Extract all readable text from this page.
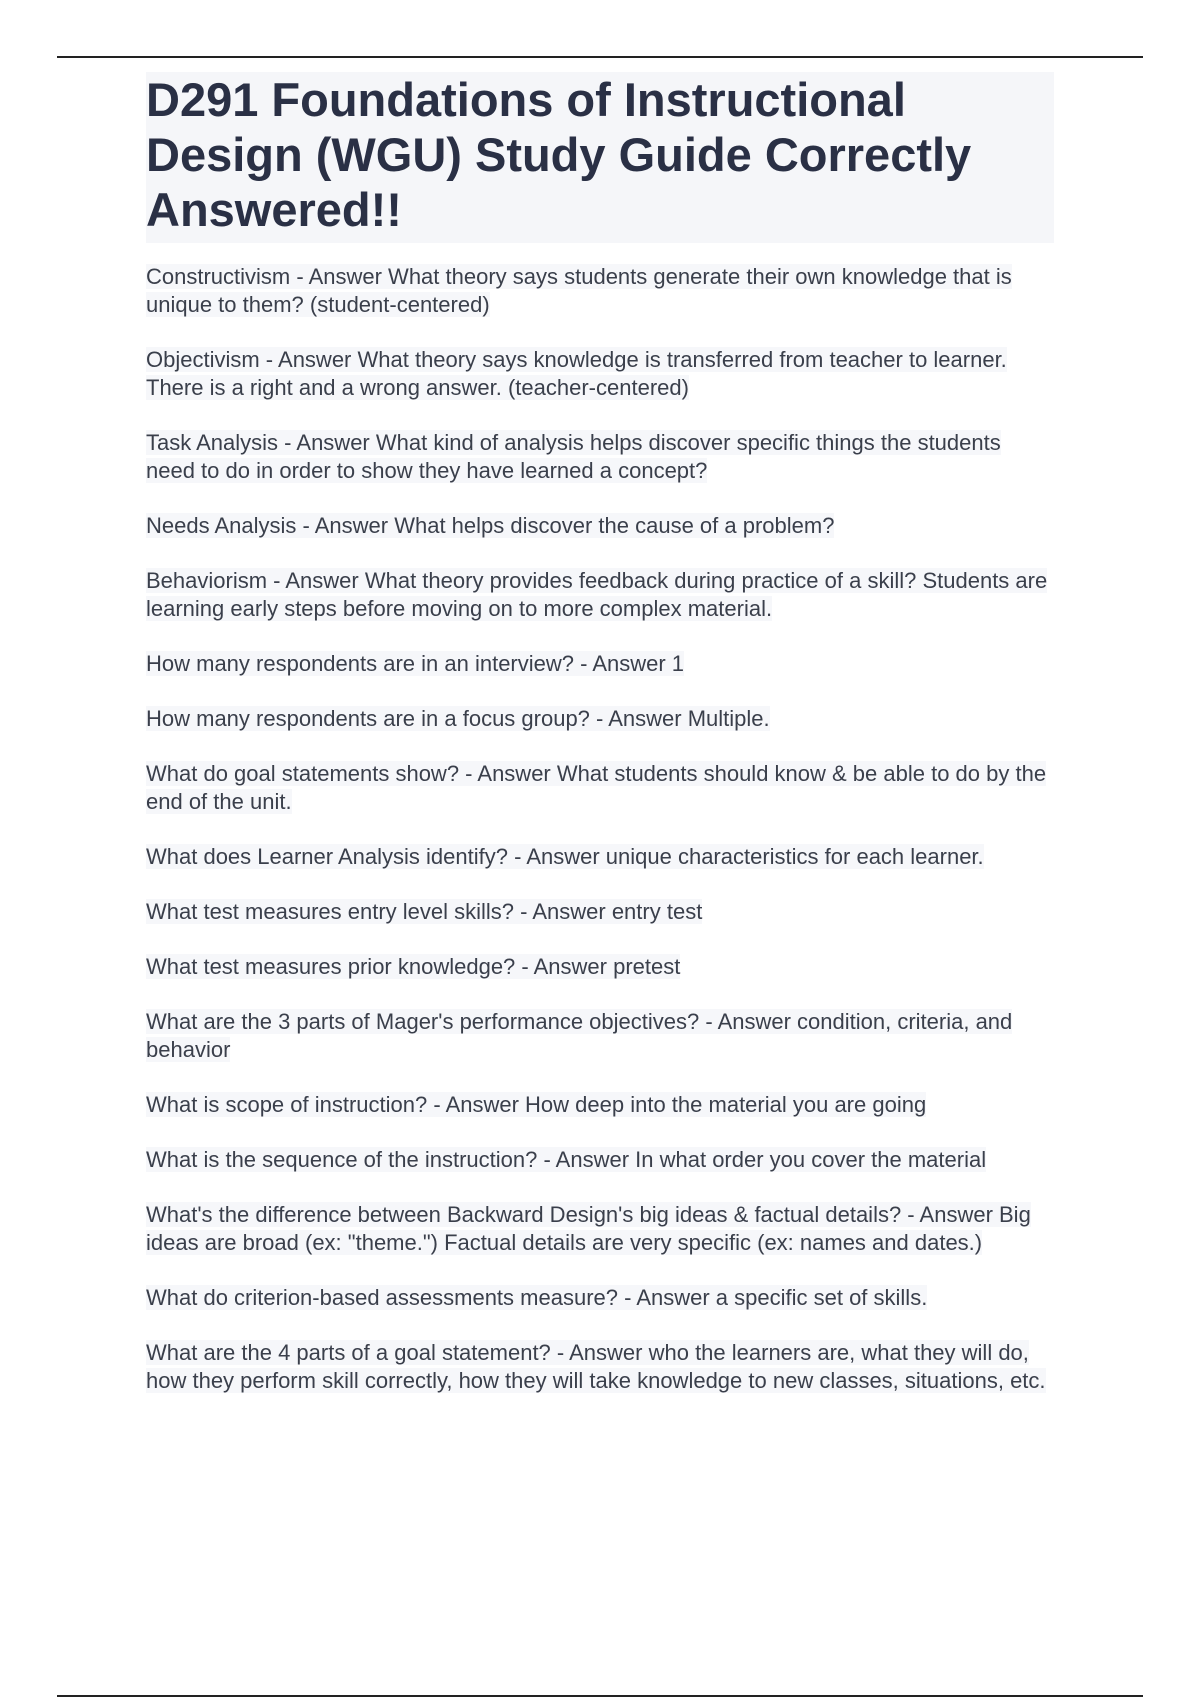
D291 Foundations of Instructional Design (WGU) Study Guide Correctly Answered!!
Constructivism - Answer What theory says students generate their own knowledge that is unique to them? (student-centered)
Objectivism - Answer What theory says knowledge is transferred from teacher to learner. There is a right and a wrong answer. (teacher-centered)
Task Analysis - Answer What kind of analysis helps discover specific things the students need to do in order to show they have learned a concept?
Needs Analysis - Answer What helps discover the cause of a problem?
Behaviorism - Answer What theory provides feedback during practice of a skill? Students are learning early steps before moving on to more complex material.
How many respondents are in an interview? - Answer 1
How many respondents are in a focus group? - Answer Multiple.
What do goal statements show? - Answer What students should know & be able to do by the end of the unit.
What does Learner Analysis identify? - Answer unique characteristics for each learner.
What test measures entry level skills? - Answer entry test
What test measures prior knowledge? - Answer pretest
What are the 3 parts of Mager's performance objectives? - Answer condition, criteria, and behavior
What is scope of instruction? - Answer How deep into the material you are going
What is the sequence of the instruction? - Answer In what order you cover the material
What's the difference between Backward Design's big ideas & factual details? - Answer Big ideas are broad (ex: "theme.") Factual details are very specific (ex: names and dates.)
What do criterion-based assessments measure? - Answer a specific set of skills.
What are the 4 parts of a goal statement? - Answer who the learners are, what they will do, how they perform skill correctly, how they will take knowledge to new classes, situations, etc.
